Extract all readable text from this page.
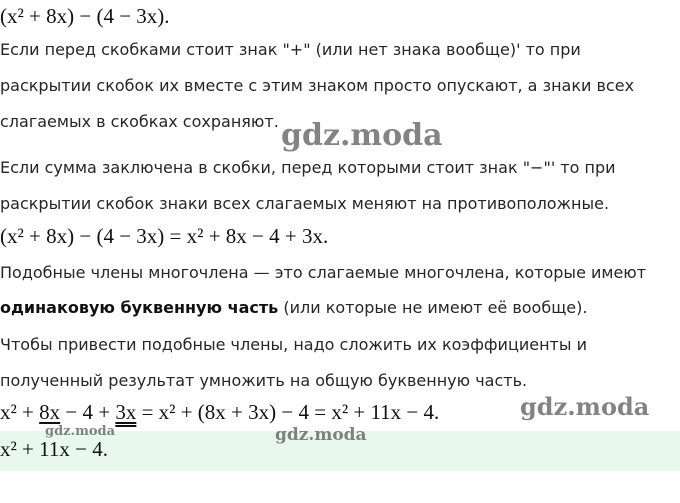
(x² + 8x) − (4 − 3x).
Если перед скобками стоит знак "+" (или нет знака вообще)' то при
раскрытии скобок их вместе с этим знаком просто опускают, а знаки всех
слагаемых в скобках сохраняют. gdz.moda
Если сумма заключена в скобки, перед которыми стоит знак "−"' то при
раскрытии скобок знаки всех слагаемых меняют на противоположные.
(x² + 8x) − (4 − 3x) = x² + 8x − 4 + 3x.
Подобные члены многочлена — это слагаемые многочлена, которые имеют
одинаковую буквенную часть (или которые не имеют её вообще).
Чтобы привести подобные члены, надо сложить их коэффициенты и
полученный результат умножить на общую буквенную часть.
x² + 8x − 4 + 3x = x² + (8x + 3x) − 4 = x² + 11x − 4.	gdz.moda
x² + 11x − 4.
gdz.moda	gdz.moda
